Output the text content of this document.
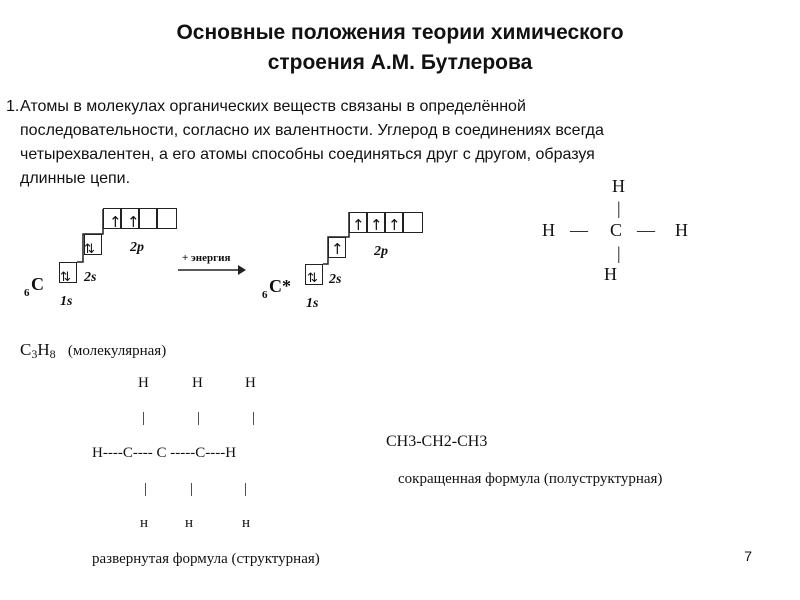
Основные положения теории химического
строения А.М. Бутлерова
1. Атомы в молекулах органических веществ связаны в определённой
последовательности, согласно их валентности. Углерод в соединениях всегда
четырехвалентен, а его атомы способны соединяться друг с другом, образуя
длинные цепи.
↑ ↑
⇅
⇅
2p
2s
1s
6 C
+ энергия
↑ ↑ ↑
↑
⇅
2p
2s
1s
6 C*
H
|
H — C — H
|
H
C3H8 (молекулярная)
H	H	H
|	|	|
H----C---- C -----C----H
|	|	|
н н	н
развернутая формула (структурная)
CH3-CH2-CH3
сокращенная формула (полуструктурная)
7
